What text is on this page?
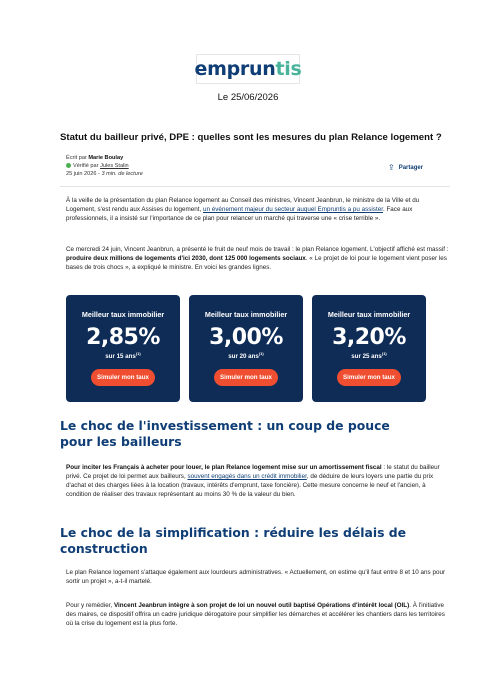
empruntis
Le 25/06/2026
Statut du bailleur privé, DPE : quelles sont les mesures du plan Relance logement ?
Écrit par Marie Boulay
Vérifié par Jules Stalin
25 juin 2026 - 3 min. de lecture
⇪ Partager

À la veille de la présentation du plan Relance logement au Conseil des ministres, Vincent Jeanbrun, le ministre de la Ville et du Logement, s'est rendu aux Assises du logement, un événement majeur du secteur auquel Empruntis a pu assister. Face aux professionnels, il a insisté sur l'importance de ce plan pour relancer un marché qui traverse une « crise terrible ».

Ce mercredi 24 juin, Vincent Jeanbrun, a présenté le fruit de neuf mois de travail : le plan Relance logement. L'objectif affiché est massif : produire deux millions de logements d'ici 2030, dont 125 000 logements sociaux. « Le projet de loi pour le logement vient poser les bases de trois chocs », a expliqué le ministre. En voici les grandes lignes.

Meilleur taux immobilier
2,85%
sur 15 ans$^{(1)}$
Simuler mon taux
Meilleur taux immobilier
3,00%
sur 20 ans$^{(1)}$
Simuler mon taux
Meilleur taux immobilier
3,20%
sur 25 ans$^{(1)}$
Simuler mon taux
Le choc de l'investissement : un coup de pouce pour les bailleurs

Pour inciter les Français à acheter pour louer, le plan Relance logement mise sur un amortissement fiscal : le statut du bailleur privé. Ce projet de loi permet aux bailleurs, souvent engagés dans un crédit immobilier, de déduire de leurs loyers une partie du prix d'achat et des charges liées à la location (travaux, intérêts d'emprunt, taxe foncière). Cette mesure concerne le neuf et l'ancien, à condition de réaliser des travaux représentant au moins 30 % de la valeur du bien.

Le choc de la simplification : réduire les délais de construction

Le plan Relance logement s'attaque également aux lourdeurs administratives. « Actuellement, on estime qu'il faut entre 8 et 10 ans pour sortir un projet », a-t-il martelé.

Pour y remédier, Vincent Jeanbrun intègre à son projet de loi un nouvel outil baptisé Opérations d'intérêt local (OIL). À l'initiative des maires, ce dispositif offrira un cadre juridique dérogatoire pour simplifier les démarches et accélérer les chantiers dans les territoires où la crise du logement est la plus forte.
